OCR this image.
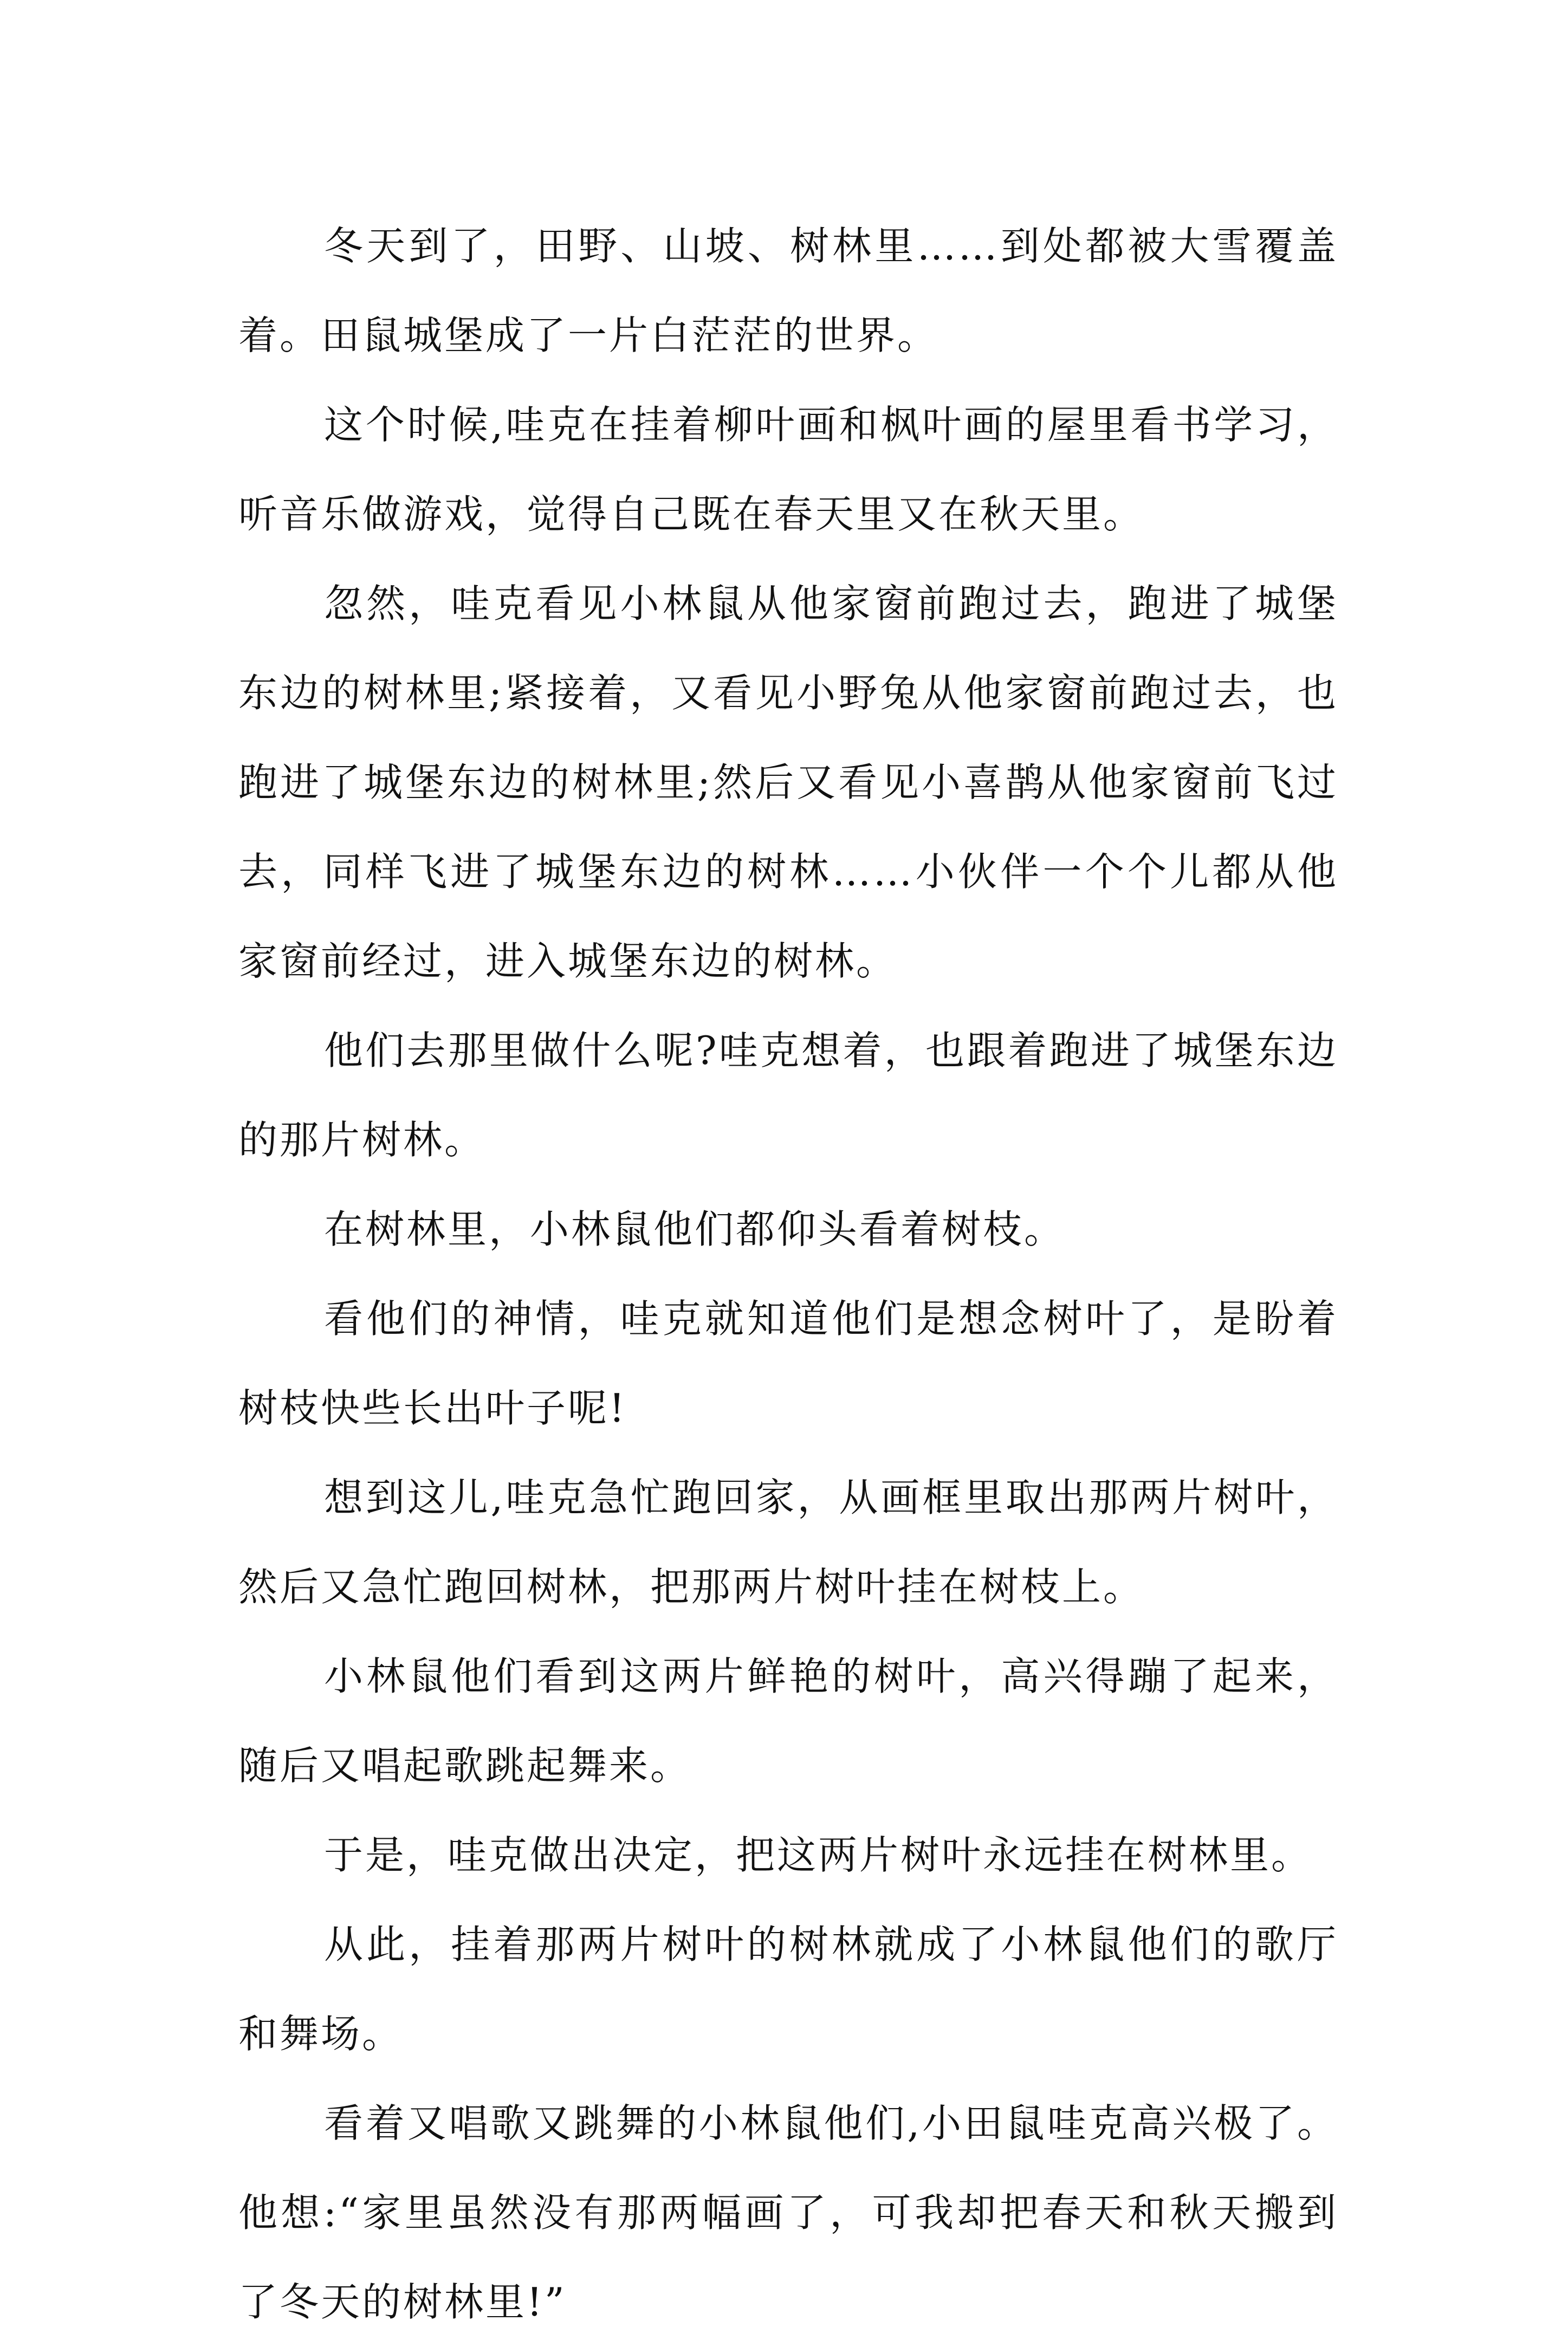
冬天到了，田野、山坡、树林里……到处都被大雪覆盖着。田鼠城堡成了一片白茫茫的世界。

这个时候,哇克在挂着柳叶画和枫叶画的屋里看书学习，听音乐做游戏，觉得自己既在春天里又在秋天里。

忽然，哇克看见小林鼠从他家窗前跑过去，跑进了城堡东边的树林里;紧接着，又看见小野兔从他家窗前跑过去，也跑进了城堡东边的树林里;然后又看见小喜鹊从他家窗前飞过去，同样飞进了城堡东边的树林……小伙伴一个个儿都从他家窗前经过，进入城堡东边的树林。

他们去那里做什么呢?哇克想着，也跟着跑进了城堡东边的那片树林。

在树林里，小林鼠他们都仰头看着树枝。

看他们的神情，哇克就知道他们是想念树叶了，是盼着树枝快些长出叶子呢!

想到这儿,哇克急忙跑回家，从画框里取出那两片树叶，然后又急忙跑回树林，把那两片树叶挂在树枝上。

小林鼠他们看到这两片鲜艳的树叶，高兴得蹦了起来，随后又唱起歌跳起舞来。

于是，哇克做出决定，把这两片树叶永远挂在树林里。

从此，挂着那两片树叶的树林就成了小林鼠他们的歌厅和舞场。

看着又唱歌又跳舞的小林鼠他们,小田鼠哇克高兴极了。他想:“家里虽然没有那两幅画了，可我却把春天和秋天搬到了冬天的树林里!”
